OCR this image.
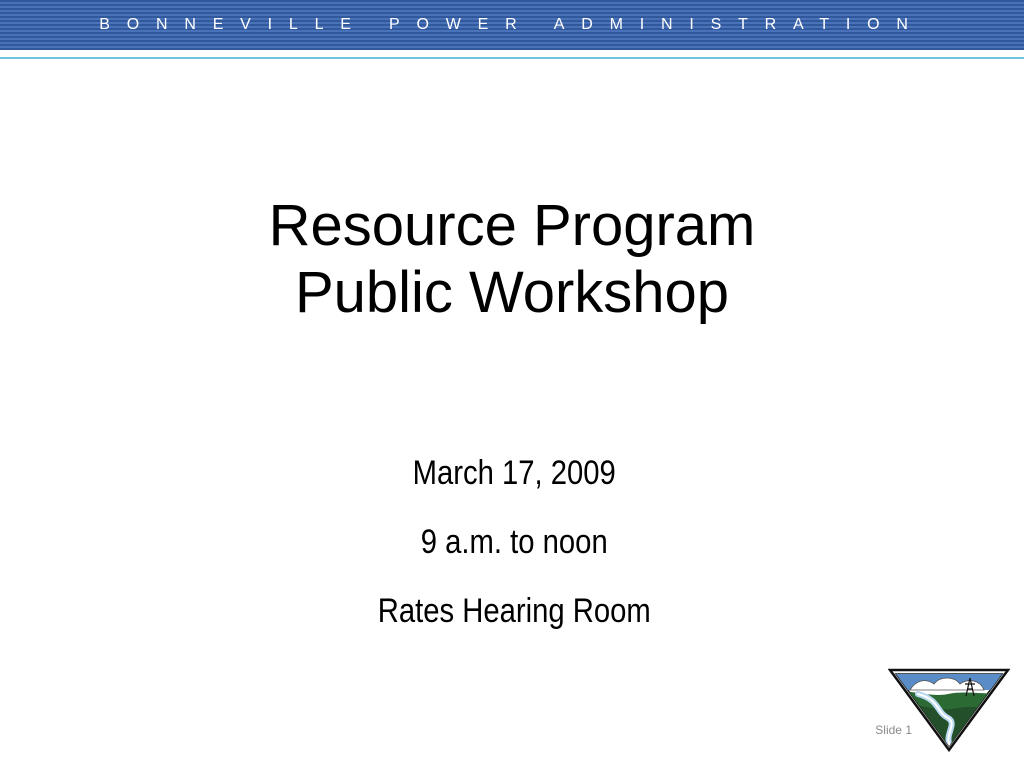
BONNEVILLE POWER ADMINISTRATION
Resource Program
Public Workshop
March 17, 2009
9 a.m. to noon
Rates Hearing Room
Slide 1
